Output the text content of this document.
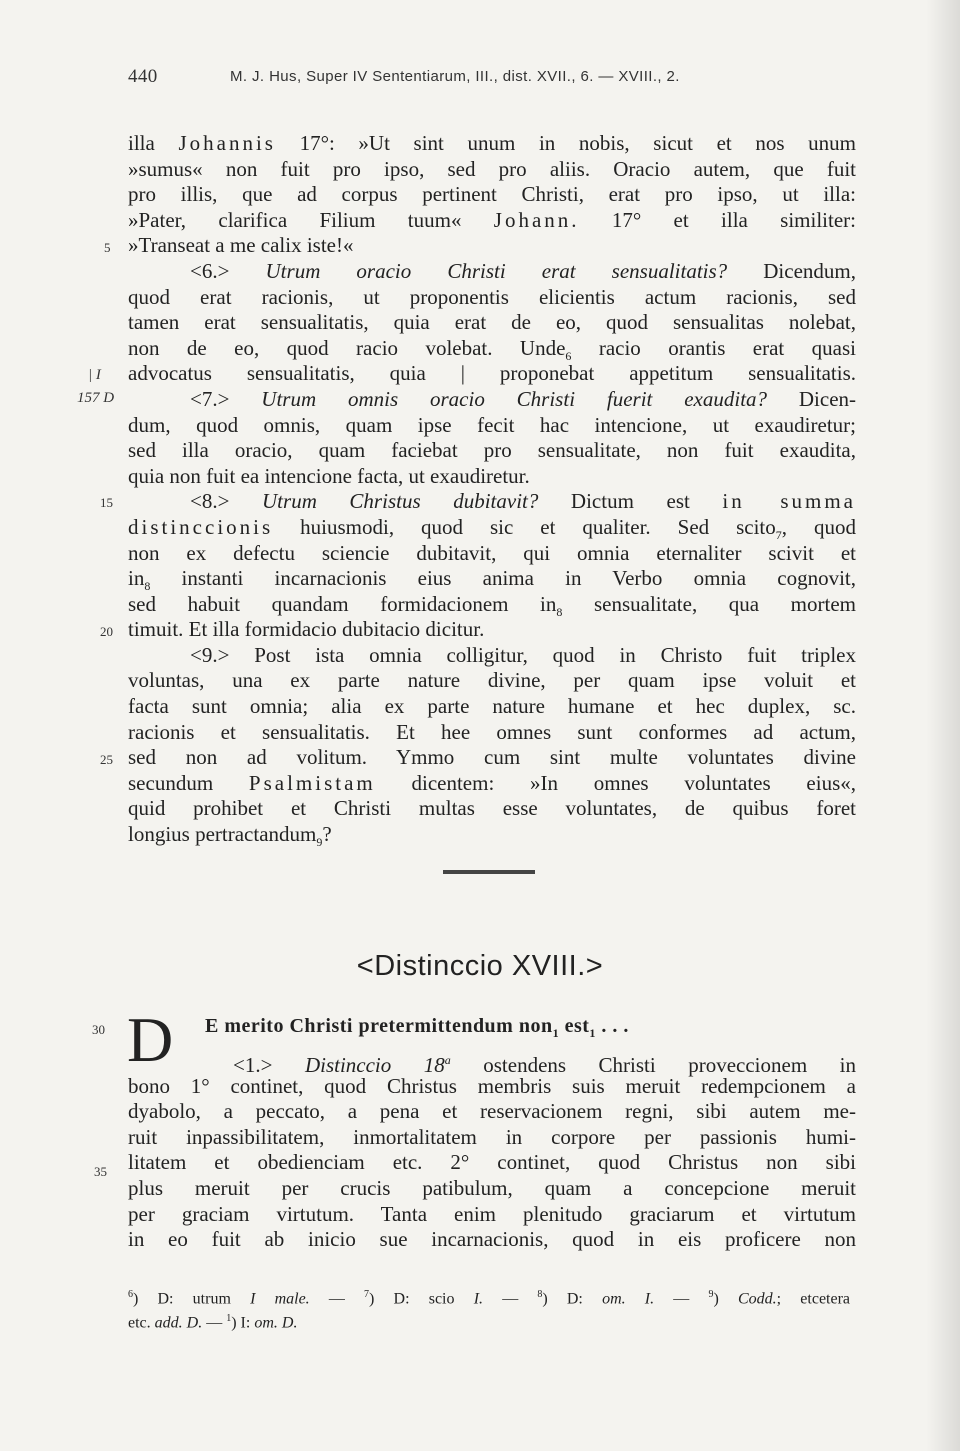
440	M. J. Hus, Super IV Sententiarum, III., dist. XVII., 6. — XVIII., 2.
5
| I
157 D
15
20
25
30
35
illa Johannis 17°: »Ut sint unum in nobis, sicut et nos unum
»sumus« non fuit pro ipso, sed pro aliis. Oracio autem, que fuit
pro illis, que ad corpus pertinent Christi, erat pro ipso, ut illa:
»Pater, clarifica Filium tuum« Johann. 17° et illa similiter:
»Transeat a me calix iste!«
<6.> Utrum oracio Christi erat sensualitatis? Dicendum,
quod erat racionis, ut proponentis elicientis actum racionis, sed
tamen erat sensualitatis, quia erat de eo, quod sensualitas nolebat,
non de eo, quod racio volebat. Unde$_6$ racio orantis erat quasi
advocatus sensualitatis, quia | proponebat appetitum sensualitatis.
<7.> Utrum omnis oracio Christi fuerit exaudita? Dicen-
dum, quod omnis, quam ipse fecit hac intencione, ut exaudiretur;
sed illa oracio, quam faciebat pro sensualitate, non fuit exaudita,
quia non fuit ea intencione facta, ut exaudiretur.
<8.> Utrum Christus dubitavit? Dictum est in summa
distinccionis huiusmodi, quod sic et qualiter. Sed scito$_7$, quod
non ex defectu sciencie dubitavit, qui omnia eternaliter scivit et
$in_8$ instanti incarnacionis eius anima in Verbo omnia cognovit,
sed habuit quandam formidacionem $in_8$ sensualitate, qua mortem
timuit. Et illa formidacio dubitacio dicitur.
<9.> Post ista omnia colligitur, quod in Christo fuit triplex
voluntas, una ex parte nature divine, per quam ipse voluit et
facta sunt omnia; alia ex parte nature humane et hec duplex, sc.
racionis et sensualitatis. Et hee omnes sunt conformes ad actum,
sed non ad volitum. Ymmo cum sint multe voluntates divine
secundum Psalmistam dicentem: »In omnes voluntates eius«,
quid prohibet et Christi multas esse voluntates, de quibus foret
longius pertractandum$_9$?
<Distinccio XVIII.>
D E merito Christi pretermittendum non$_1$ est$_1$ . . .
<1.> Distinccio 18$^a$ ostendens Christi proveccionem in
bono 1° continet, quod Christus membris suis meruit redempcionem a
dyabolo, a peccato, a pena et reservacionem regni, sibi autem me-
ruit inpassibilitatem, inmortalitatem in corpore per passionis humi-
litatem et obedienciam etc. 2° continet, quod Christus non sibi
plus meruit per crucis patibulum, quam a concepcione meruit
per graciam virtutum. Tanta enim plenitudo graciarum et virtutum
in eo fuit ab inicio sue incarnacionis, quod in eis proficere non
$^6$) D: utrum I male. — $^7$) D: scio I. — $^8$) D: om. I. — $^9$) Codd.; etcetera
etc. add. D. — $^1$) I: om. D.
